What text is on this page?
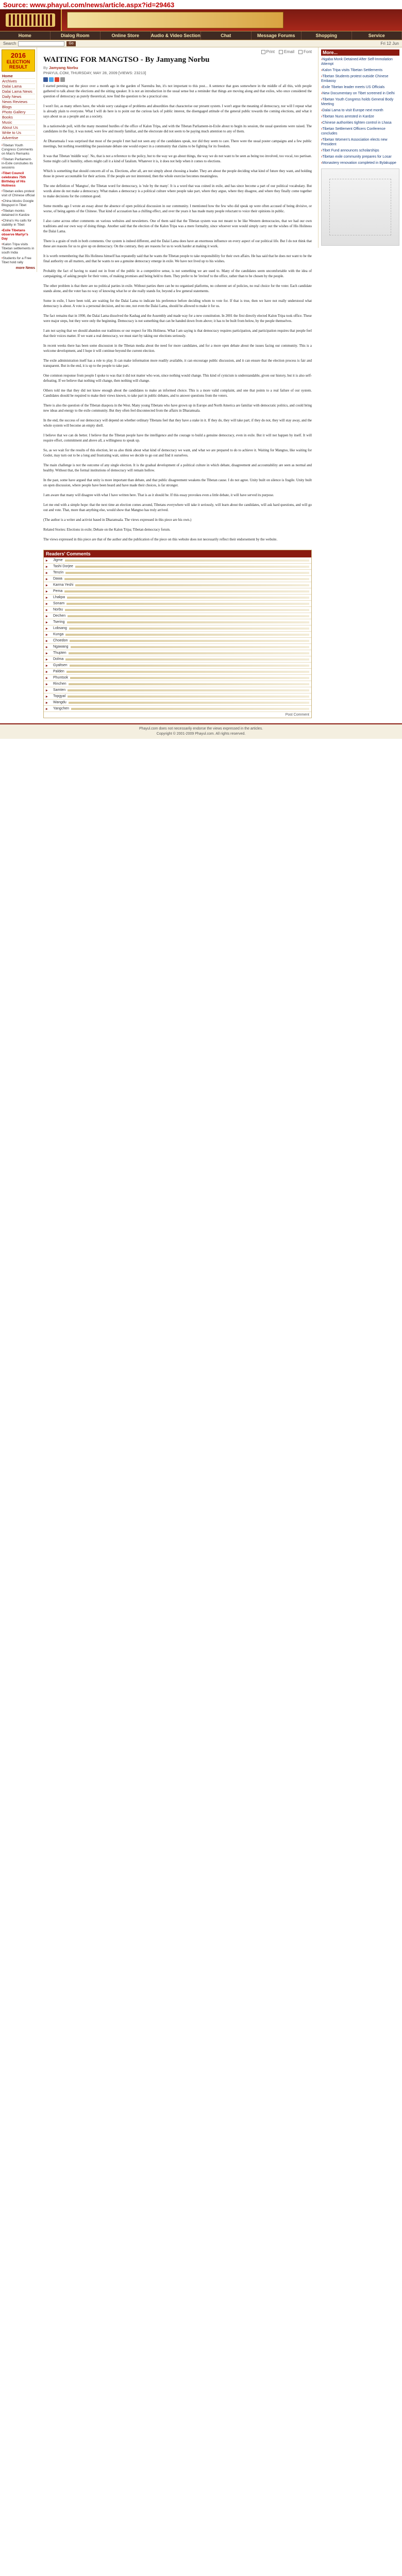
Source: www.phayul.com/news/article.aspx?id=29463
Home	Dialog Room	Online Store	Audio & Video Section	Chat	Message Forums	Shopping	Service
Search	Go	Fri 12 Jun
2016
ELECTION
RESULT
Home
Archives
Dalai Lama
Dalai Lama News
Daily News
News Reviews
Blogs
Photo Gallery
Books
Music
About Us
Write to Us
Advertise
• Tibetan Youth Congress Comments on Mao's Remarks
• Tibetan Parliament-in-Exile concludes its sessions
• Tibet Council celebrates 75th Birthday of His Holiness
• Tibetan exiles protest visit of Chinese official
• China blocks Google Blogspot in Tibet
• Tibetan monks detained in Kardze
• China's Hu calls for stability in Tibet
• Exile Tibetans observe Martyr's Day
• Kalon Tripa visits Tibetan settlements in south India
• Students for a Free Tibet hold rally
more News
Print Email Font
WAITING FOR MANGTSO - By Jamyang Norbu
By Jamyang Norbu
PHAYUL.COM, THURSDAY, MAY 28, 2009 [VIEWS: 23213]

I started penning out the piece over a month ago in the garden of Narendra Inn, it's not important to this post... A sentence that goes somewhere in the middle of all this, with people gathered to talk about the elections and the sitting speaker. It is not an introduction in the usual sense but a reminder that things are moving along and that exiles, who once considered the question of democracy as purely theoretical, now find the question to be a practical one.

I won't list, as many others have, the whole sorry catalogue of problems and absurdities that characterise our present system. I won't argue the meaning of democracy, nor will I repeat what is already plain to everyone. What I will do here is to point out the curious lack of public interest, the disengaged attitude of the general public towards the coming elections, and what it says about us as a people and as a society.

In a nationwide poll, with the many mounted hurdles of the office of Kalon Tripa, and with the Tibetan Parliament-in-Exile about to begin its session, the usual questions were raised. The candidates in the fray, it was noted, were few and mostly familiar, and the electorate did not seem to be paying much attention to any of them.

At Dharamsala I was surprised that most of the people I met had not seen any of the candidates speak, nor did they seem to care. There were the usual poster campaigns and a few public meetings, but nothing resembling the passionate debate one would expect in a community that claims to be fighting for its freedom.

It was that Tibetan 'middle way'. No, that is not a reference to the policy, but to the way we go about things, the way we do not want to be seen as being too involved, too vocal, too partisan. Some might call it humility, others might call it a kind of fatalism. Whatever it is, it does not help when it comes to elections.

Which is something that should concern all of us. Elections, after all, are not simply about choosing a leader. They are about the people deciding what kind of future they want, and holding those in power accountable for their actions. If the people are not interested, then the whole exercise becomes meaningless.

The one definition of 'Mangtso', the Tibetan word for democracy, is 'rule by the many'. It is a word that was coined in exile, and has since become a part of our political vocabulary. But words alone do not make a democracy. What makes a democracy is a political culture where people take part, where they argue, where they disagree, and where they finally come together to make decisions for the common good.

Some months ago I wrote an essay about the absence of open political discussion in our community. I mentioned how the few who did speak up were often accused of being divisive, or worse, of being agents of the Chinese. That kind of accusation has a chilling effect, and over the years it has made many people reluctant to voice their opinions in public.

I also came across other comments on various websites and newsletters. One of them said that the Tibetan system was not meant to be like Western democracies, that we had our own traditions and our own way of doing things. Another said that the election of the Kalon Tripa was a mere formality, since whoever won would simply carry out the wishes of His Holiness the Dalai Lama.

There is a grain of truth in both comments. Our system is indeed different, and the Dalai Lama does have an enormous influence on every aspect of our political life. But I do not think that these are reasons for us to give up on democracy. On the contrary, they are reasons for us to work harder at making it work.

It is worth remembering that His Holiness himself has repeatedly said that he wants the Tibetan people to take responsibility for their own affairs. He has said that he does not want to be the final authority on all matters, and that he wants to see a genuine democracy emerge in exile. We have not lived up to his wishes.

Probably the fact of having to stand out in front of the public in a competitive sense, is not something we are used to. Many of the candidates seem uncomfortable with the idea of campaigning, of asking people for their votes, of making promises and being held to them. They prefer to be 'invited' to the office, rather than to be chosen by the people.

The other problem is that there are no political parties in exile. Without parties there can be no organised platforms, no coherent set of policies, no real choice for the voter. Each candidate stands alone, and the voter has no way of knowing what he or she really stands for, beyond a few general statements.

Some in exile, I have been told, are waiting for the Dalai Lama to indicate his preference before deciding whom to vote for. If that is true, then we have not really understood what democracy is about. A vote is a personal decision, and no one, not even the Dalai Lama, should be allowed to make it for us.

The fact remains that in 1990, the Dalai Lama dissolved the Kashag and the Assembly and made way for a new constitution. In 2001 the first directly elected Kalon Tripa took office. These were major steps, but they were only the beginning. Democracy is not something that can be handed down from above; it has to be built from below, by the people themselves.

I am not saying that we should abandon our traditions or our respect for His Holiness. What I am saying is that democracy requires participation, and participation requires that people feel that their voices matter. If we want a real democracy, we must start by taking our elections seriously.

In recent weeks there has been some discussion in the Tibetan media about the need for more candidates, and for a more open debate about the issues facing our community. This is a welcome development, and I hope it will continue beyond the current election.

The exile administration itself has a role to play. It can make information more readily available, it can encourage public discussion, and it can ensure that the election process is fair and transparent. But in the end, it is up to the people to take part.

One common response from people I spoke to was that it did not matter who won, since nothing would change. This kind of cynicism is understandable, given our history, but it is also self-defeating. If we believe that nothing will change, then nothing will change.

Others told me that they did not know enough about the candidates to make an informed choice. This is a more valid complaint, and one that points to a real failure of our system. Candidates should be required to make their views known, to take part in public debates, and to answer questions from the voters.

There is also the question of the Tibetan diaspora in the West. Many young Tibetans who have grown up in Europe and North America are familiar with democratic politics, and could bring new ideas and energy to the exile community. But they often feel disconnected from the affairs in Dharamsala.

In the end, the success of our democracy will depend on whether ordinary Tibetans feel that they have a stake in it. If they do, they will take part; if they do not, they will stay away, and the whole system will become an empty shell.

I believe that we can do better. I believe that the Tibetan people have the intelligence and the courage to build a genuine democracy, even in exile. But it will not happen by itself. It will require effort, commitment and above all, a willingness to speak up.

So, as we wait for the results of this election, let us also think about what kind of democracy we want, and what we are prepared to do to achieve it. Waiting for Mangtso, like waiting for Godot, may turn out to be a long and frustrating wait, unless we decide to go out and find it ourselves.

The main challenge is not the outcome of any single election. It is the gradual development of a political culture in which debate, disagreement and accountability are seen as normal and healthy. Without that, the formal institutions of democracy will remain hollow.

In the past, some have argued that unity is more important than debate, and that public disagreement weakens the Tibetan cause. I do not agree. Unity built on silence is fragile. Unity built on open discussion, where people have been heard and have made their choices, is far stronger.

I am aware that many will disagree with what I have written here. That is as it should be. If this essay provokes even a little debate, it will have served its purpose.

Let me end with a simple hope: that the next time an election comes around, Tibetans everywhere will take it seriously, will learn about the candidates, will ask hard questions, and will go out and vote. That, more than anything else, would show that Mangtso has truly arrived.

(The author is a writer and activist based in Dharamsala. The views expressed in this piece are his own.)

Related Stories: Elections in exile; Debate on the Kalon Tripa; Tibetan democracy forum.

The views expressed in this piece are that of the author and the publication of the piece on this website does not necessarily reflect their endorsement by the website.

Readers' Comments
▸	Jigme
▸	Tashi Dorjee
▸	Tenzin
▸	Dawa
▸	Karma Yeshi
▸	Pema
▸	Lhakpa
▸	Sonam
▸	Norbu
▸	Dechen
▸	Tsering
▸	Lobsang
▸	Kunga
▸	Choedon
▸	Ngawang
▸	Thupten
▸	Dolma
▸	Gyaltsen
▸	Palden
▸	Phuntsok
▸	Rinchen
▸	Samten
▸	Topgyal
▸	Wangdu
▸	Yangchen
Post Comment
More...
› Ngaba Monk Detained After Self-Immolation Attempt
› Kalon Tripa visits Tibetan Settlements
› Tibetan Students protest outside Chinese Embassy
› Exile Tibetan leader meets US Officials
› New Documentary on Tibet screened in Delhi
› Tibetan Youth Congress holds General Body Meeting
› Dalai Lama to visit Europe next month
› Tibetan Nuns arrested in Kardze
› Chinese authorities tighten control in Lhasa
› Tibetan Settlement Officers Conference concludes
› Tibetan Women's Association elects new President
› Tibet Fund announces scholarships
› Tibetan exile community prepares for Losar
› Monastery renovation completed in Bylakuppe
Phayul.com does not necessarily endorse the views expressed in the articles.
Copyright © 2001-2009 Phayul.com. All rights reserved.
